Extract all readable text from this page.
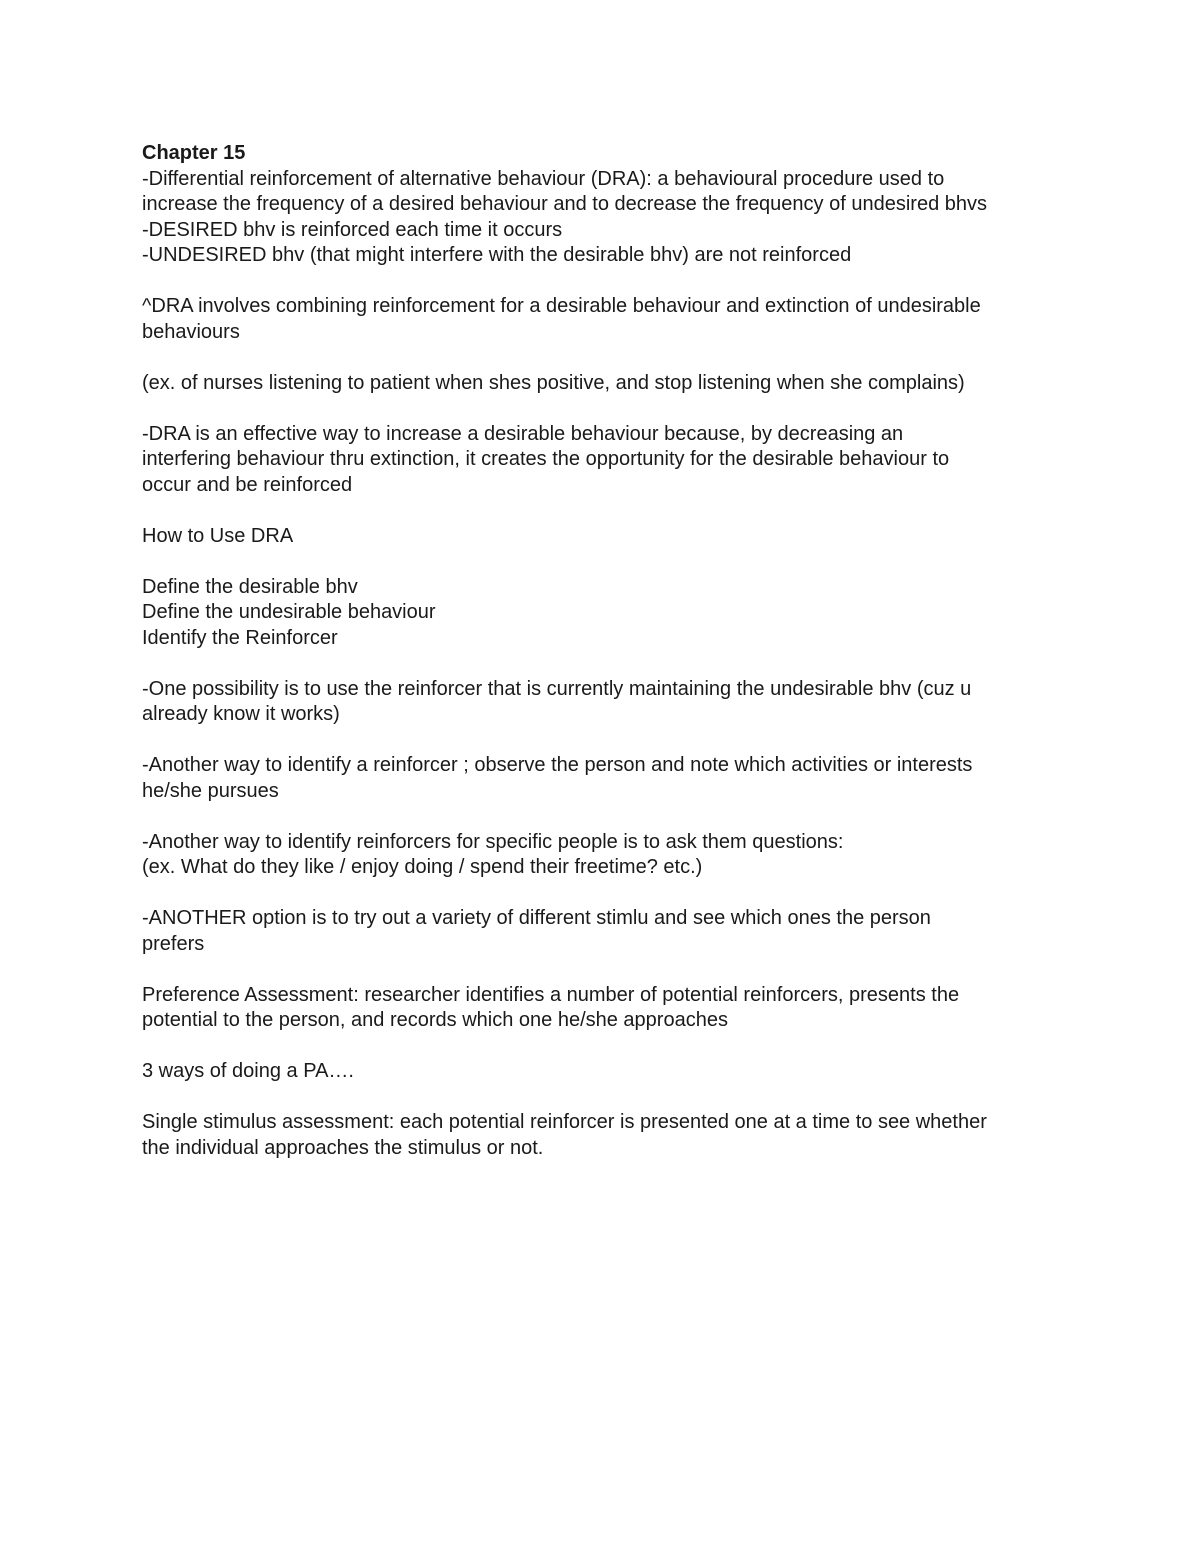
Chapter 15
-Differential reinforcement of alternative behaviour (DRA): a behavioural procedure used to
increase the frequency of a desired behaviour and to decrease the frequency of undesired bhvs
-DESIRED bhv is reinforced each time it occurs
-UNDESIRED bhv (that might interfere with the desirable bhv) are not reinforced
^DRA involves combining reinforcement for a desirable behaviour and extinction of undesirable
behaviours
(ex. of nurses listening to patient when shes positive, and stop listening when she complains)
-DRA is an effective way to increase a desirable behaviour because, by decreasing an
interfering behaviour thru extinction, it creates the opportunity for the desirable behaviour to
occur and be reinforced
How to Use DRA
Define the desirable bhv
Define the undesirable behaviour
Identify the Reinforcer
-One possibility is to use the reinforcer that is currently maintaining the undesirable bhv (cuz u
already know it works)
-Another way to identify a reinforcer ; observe the person and note which activities or interests
he/she pursues
-Another way to identify reinforcers for specific people is to ask them questions:
(ex. What do they like / enjoy doing / spend their freetime? etc.)
-ANOTHER option is to try out a variety of different stimlu and see which ones the person
prefers
Preference Assessment: researcher identifies a number of potential reinforcers, presents the
potential to the person, and records which one he/she approaches
3 ways of doing a PA….
Single stimulus assessment: each potential reinforcer is presented one at a time to see whether
the individual approaches the stimulus or not.
